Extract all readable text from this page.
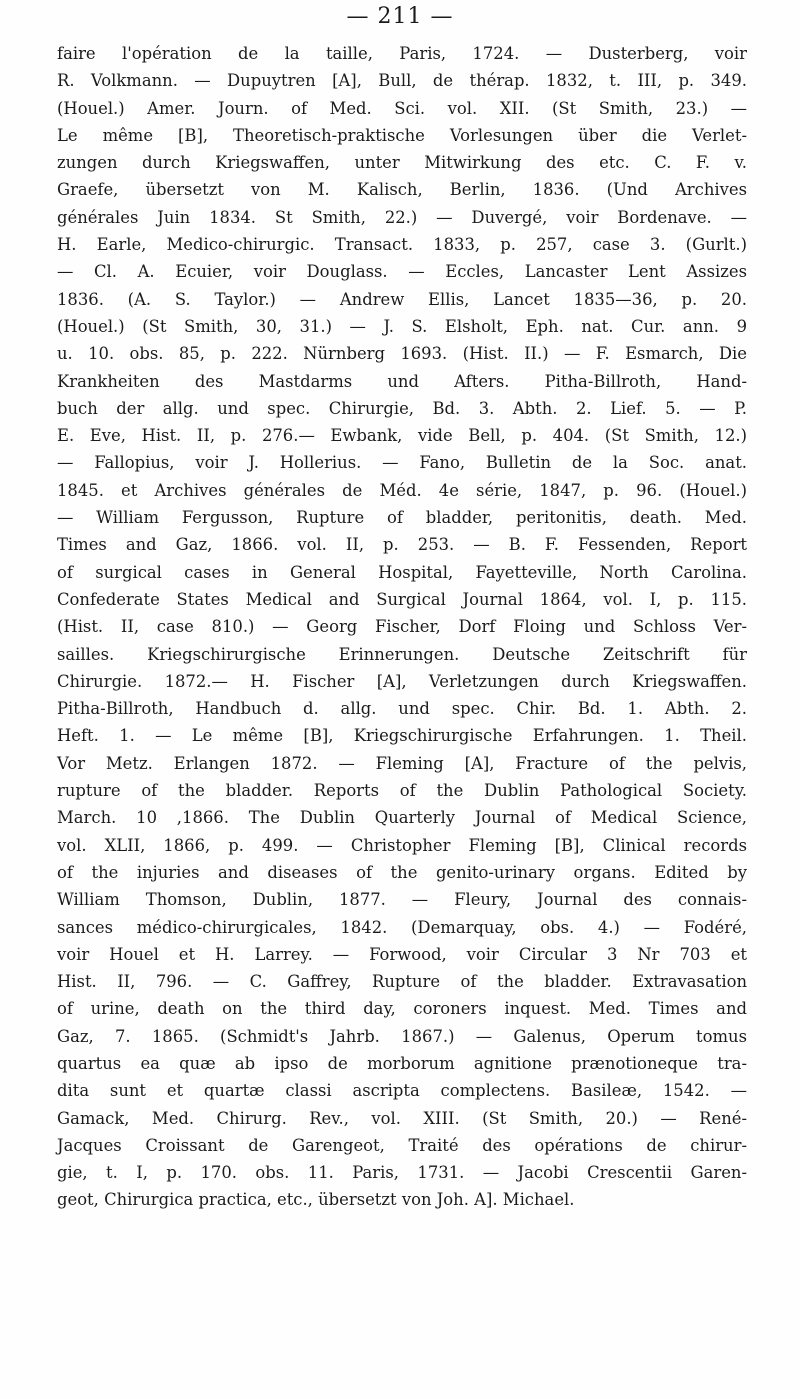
— 211 —
faire l'opération de la taille, Paris, 1724. — Dusterberg, voir
R. Volkmann. — Dupuytren [A], Bull, de thérap. 1832, t. III, p. 349.
(Houel.) Amer. Journ. of Med. Sci. vol. XII. (St Smith, 23.) —
Le même [B], Theoretisch-praktische Vorlesungen über die Verlet-
zungen durch Kriegswaffen, unter Mitwirkung des etc. C. F. v.
Graefe, übersetzt von M. Kalisch, Berlin, 1836. (Und Archives
générales Juin 1834. St Smith, 22.) — Duvergé, voir Bordenave. —
H. Earle, Medico-chirurgic. Transact. 1833, p. 257, case 3. (Gurlt.)
— Cl. A. Ecuier, voir Douglass. — Eccles, Lancaster Lent Assizes
1836. (A. S. Taylor.) — Andrew Ellis, Lancet 1835—36, p. 20.
(Houel.) (St Smith, 30, 31.) — J. S. Elsholt, Eph. nat. Cur. ann. 9
u. 10. obs. 85, p. 222. Nürnberg 1693. (Hist. II.) — F. Esmarch, Die
Krankheiten des Mastdarms und Afters. Pitha-Billroth, Hand-
buch der allg. und spec. Chirurgie, Bd. 3. Abth. 2. Lief. 5. — P.
E. Eve, Hist. II, p. 276.— Ewbank, vide Bell, p. 404. (St Smith, 12.)
— Fallopius, voir J. Hollerius. — Fano, Bulletin de la Soc. anat.
1845. et Archives générales de Méd. 4e série, 1847, p. 96. (Houel.)
— William Fergusson, Rupture of bladder, peritonitis, death. Med.
Times and Gaz, 1866. vol. II, p. 253. — B. F. Fessenden, Report
of surgical cases in General Hospital, Fayetteville, North Carolina.
Confederate States Medical and Surgical Journal 1864, vol. I, p. 115.
(Hist. II, case 810.) — Georg Fischer, Dorf Floing und Schloss Ver-
sailles. Kriegschirurgische Erinnerungen. Deutsche Zeitschrift für
Chirurgie. 1872.— H. Fischer [A], Verletzungen durch Kriegswaffen.
Pitha-Billroth, Handbuch d. allg. und spec. Chir. Bd. 1. Abth. 2.
Heft. 1. — Le même [B], Kriegschirurgische Erfahrungen. 1. Theil.
Vor Metz. Erlangen 1872. — Fleming [A], Fracture of the pelvis,
rupture of the bladder. Reports of the Dublin Pathological Society.
March. 10 ,1866. The Dublin Quarterly Journal of Medical Science,
vol. XLII, 1866, p. 499. — Christopher Fleming [B], Clinical records
of the injuries and diseases of the genito-urinary organs. Edited by
William Thomson, Dublin, 1877. — Fleury, Journal des connais-
sances médico-chirurgicales, 1842. (Demarquay, obs. 4.) — Fodéré,
voir Houel et H. Larrey. — Forwood, voir Circular 3 Nr 703 et
Hist. II, 796. — C. Gaffrey, Rupture of the bladder. Extravasation
of urine, death on the third day, coroners inquest. Med. Times and
Gaz, 7. 1865. (Schmidt's Jahrb. 1867.) — Galenus, Operum tomus
quartus ea quæ ab ipso de morborum agnitione prænotioneque tra-
dita sunt et quartæ classi ascripta complectens. Basileæ, 1542. —
Gamack, Med. Chirurg. Rev., vol. XIII. (St Smith, 20.) — René-
Jacques Croissant de Garengeot, Traité des opérations de chirur-
gie, t. I, p. 170. obs. 11. Paris, 1731. — Jacobi Crescentii Garen-
geot, Chirurgica practica, etc., übersetzt von Joh. A]. Michael.
